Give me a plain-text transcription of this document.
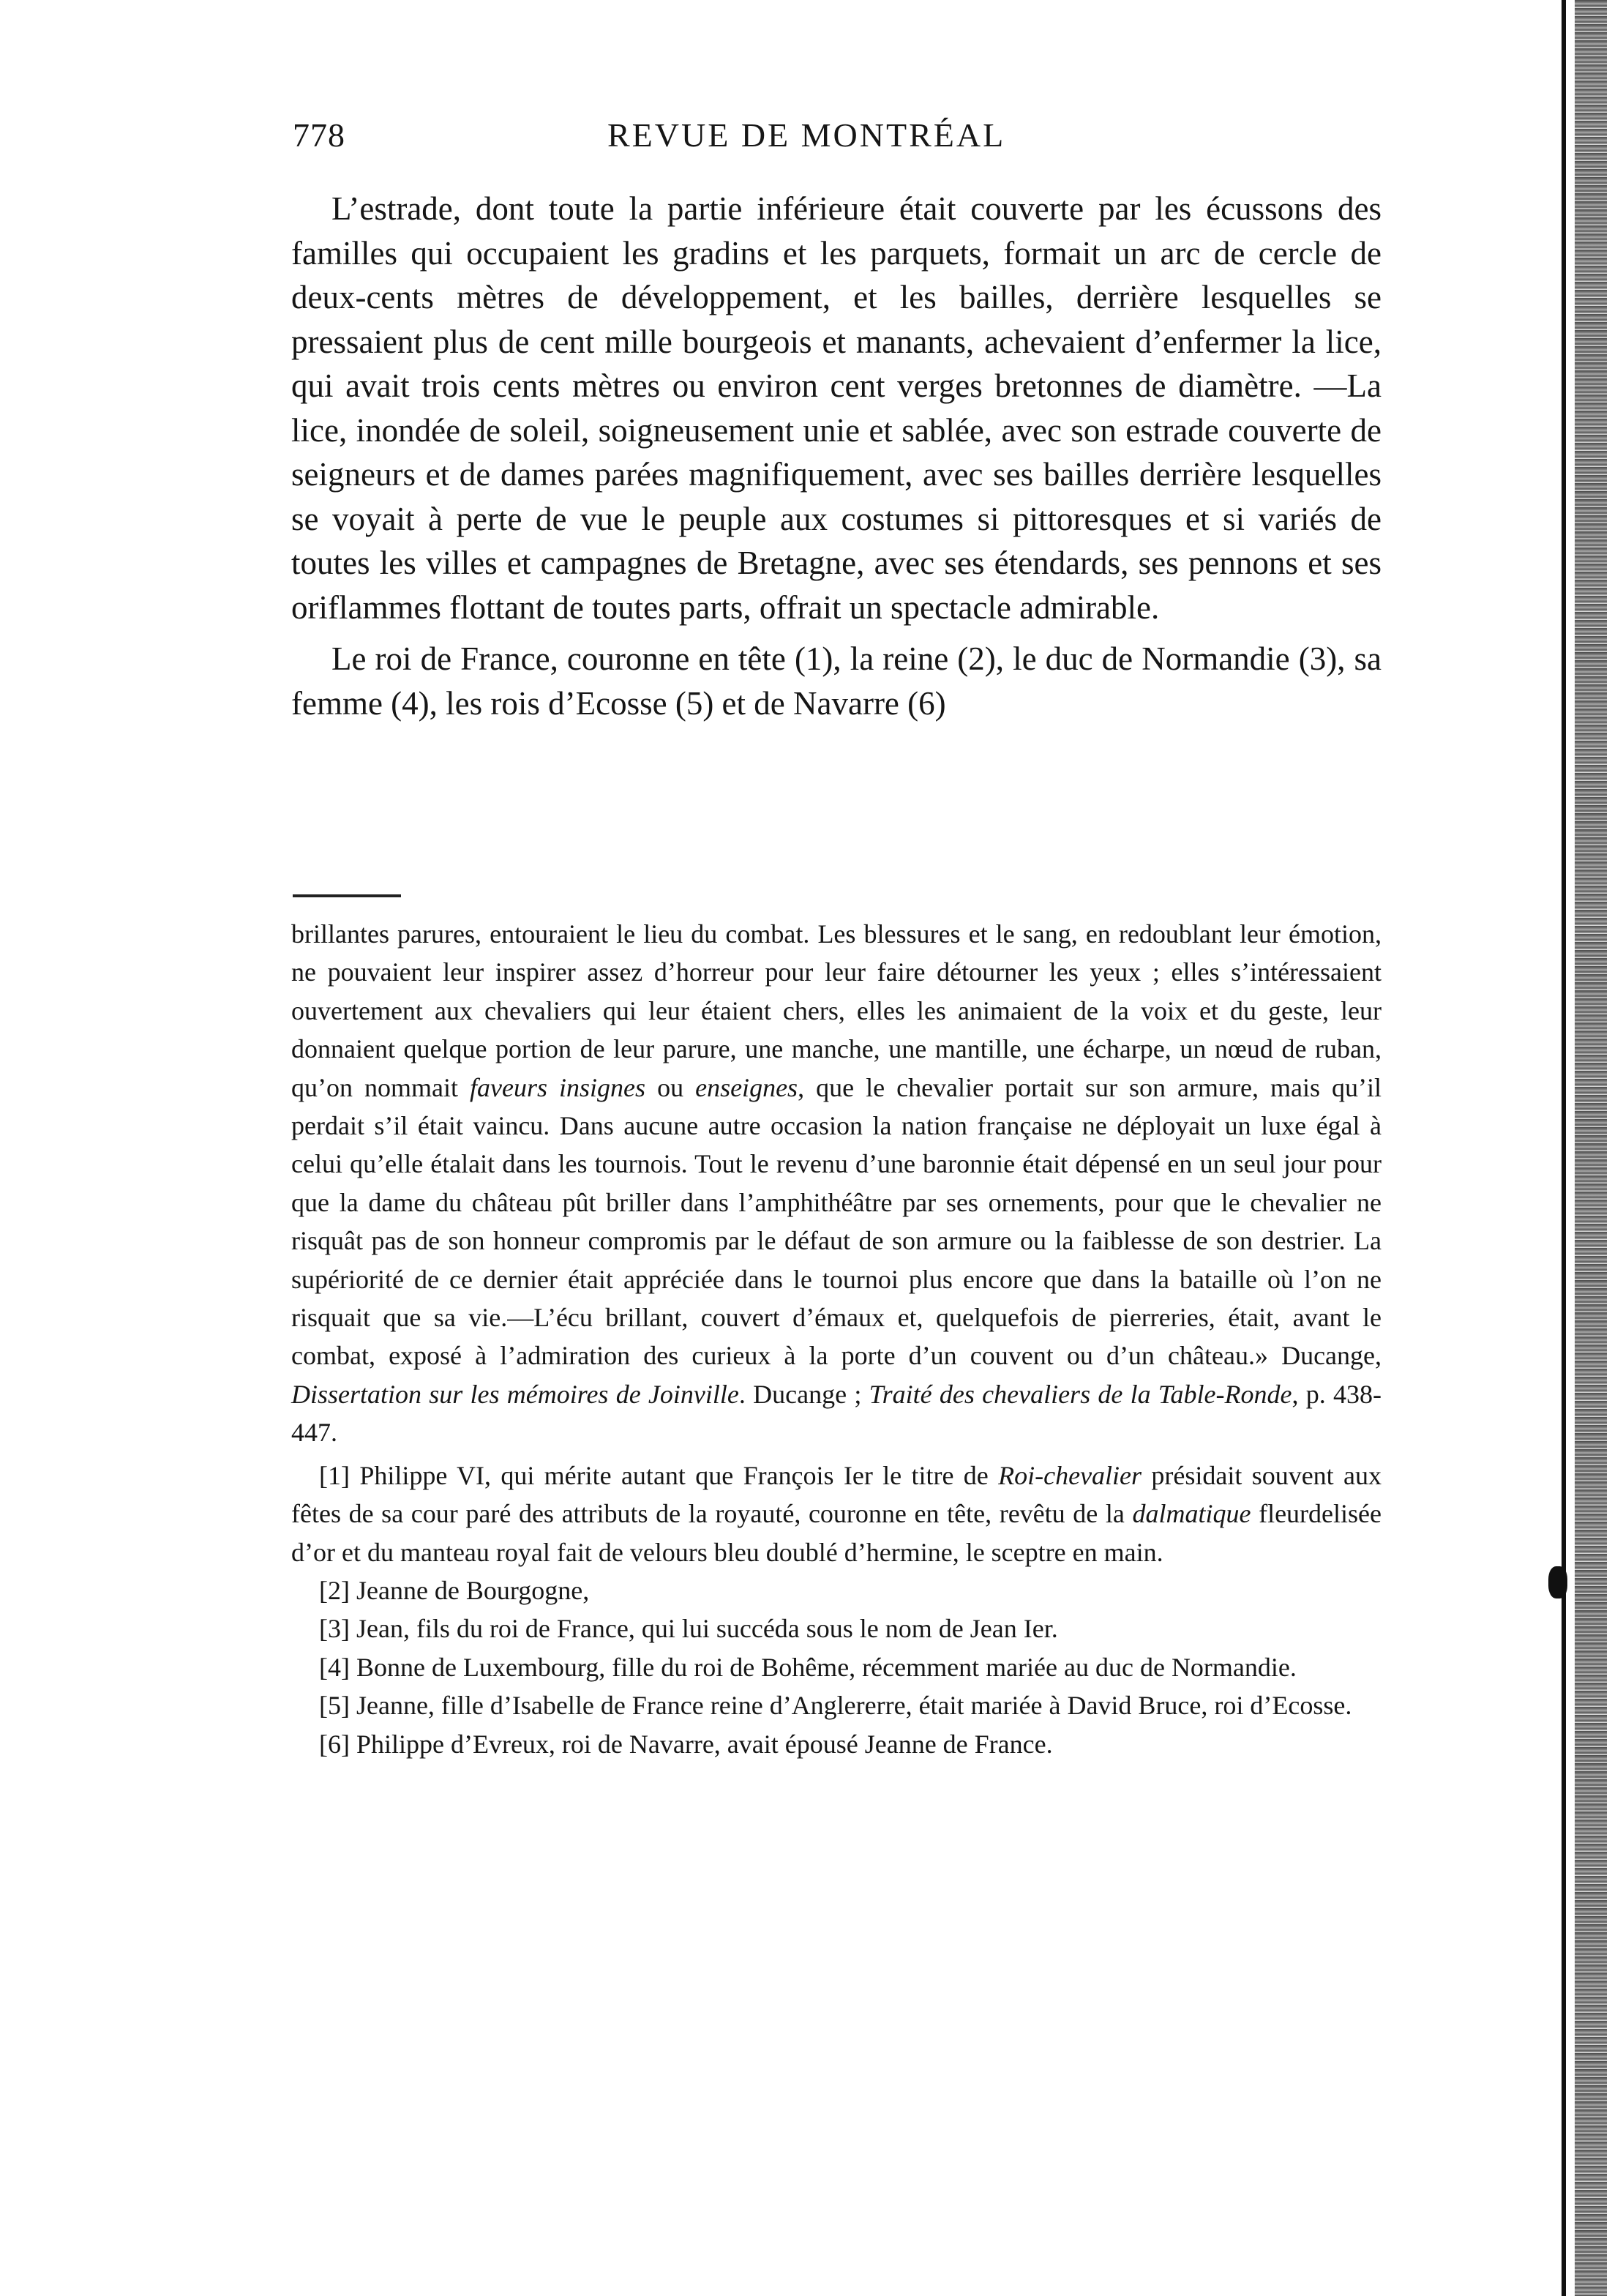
778	REVUE DE MONTRÉAL

L’estrade, dont toute la partie inférieure était couverte par les écussons des familles qui occupaient les gradins et les parquets, formait un arc de cercle de deux-cents mètres de développement, et les bailles, derrière lesquelles se pressaient plus de cent mille bourgeois et manants, achevaient d’enfermer la lice, qui avait trois cents mètres ou environ cent verges bretonnes de diamètre. —La lice, inondée de soleil, soigneusement unie et sablée, avec son estrade couverte de seigneurs et de dames parées magnifiquement, avec ses bailles derrière lesquelles se voyait à perte de vue le peuple aux costumes si pittoresques et si variés de toutes les villes et campagnes de Bretagne, avec ses étendards, ses pennons et ses oriflammes flottant de toutes parts, offrait un spectacle admirable.

Le roi de France, couronne en tête (1), la reine (2), le duc de Normandie (3), sa femme (4), les rois d’Ecosse (5) et de Navarre (6)

brillantes parures, entouraient le lieu du combat. Les blessures et le sang, en redoublant leur émotion, ne pouvaient leur inspirer assez d’horreur pour leur faire détourner les yeux ; elles s’intéressaient ouvertement aux chevaliers qui leur étaient chers, elles les animaient de la voix et du geste, leur donnaient quelque portion de leur parure, une manche, une mantille, une écharpe, un nœud de ruban, qu’on nommait faveurs insignes ou enseignes, que le chevalier portait sur son armure, mais qu’il perdait s’il était vaincu. Dans aucune autre occasion la nation française ne déployait un luxe égal à celui qu’elle étalait dans les tournois. Tout le revenu d’une baronnie était dépensé en un seul jour pour que la dame du château pût briller dans l’amphithéâtre par ses ornements, pour que le chevalier ne risquât pas de son honneur compromis par le défaut de son armure ou la faiblesse de son destrier. La supériorité de ce dernier était appréciée dans le tournoi plus encore que dans la bataille où l’on ne risquait que sa vie.—L’écu brillant, couvert d’émaux et, quelquefois de pierreries, était, avant le combat, exposé à l’admiration des curieux à la porte d’un couvent ou d’un château.» Ducange, Dissertation sur les mémoires de Joinville. Ducange ; Traité des chevaliers de la Table-Ronde, p. 438-447.

[1] Philippe VI, qui mérite autant que François Ier le titre de Roi-chevalier présidait souvent aux fêtes de sa cour paré des attributs de la royauté, couronne en tête, revêtu de la dalmatique fleurdelisée d’or et du manteau royal fait de velours bleu doublé d’hermine, le sceptre en main.

[2] Jeanne de Bourgogne,

[3] Jean, fils du roi de France, qui lui succéda sous le nom de Jean Ier.

[4] Bonne de Luxembourg, fille du roi de Bohême, récemment mariée au duc de Normandie.

[5] Jeanne, fille d’Isabelle de France reine d’Anglererre, était mariée à David Bruce, roi d’Ecosse.

[6] Philippe d’Evreux, roi de Navarre, avait épousé Jeanne de France.
